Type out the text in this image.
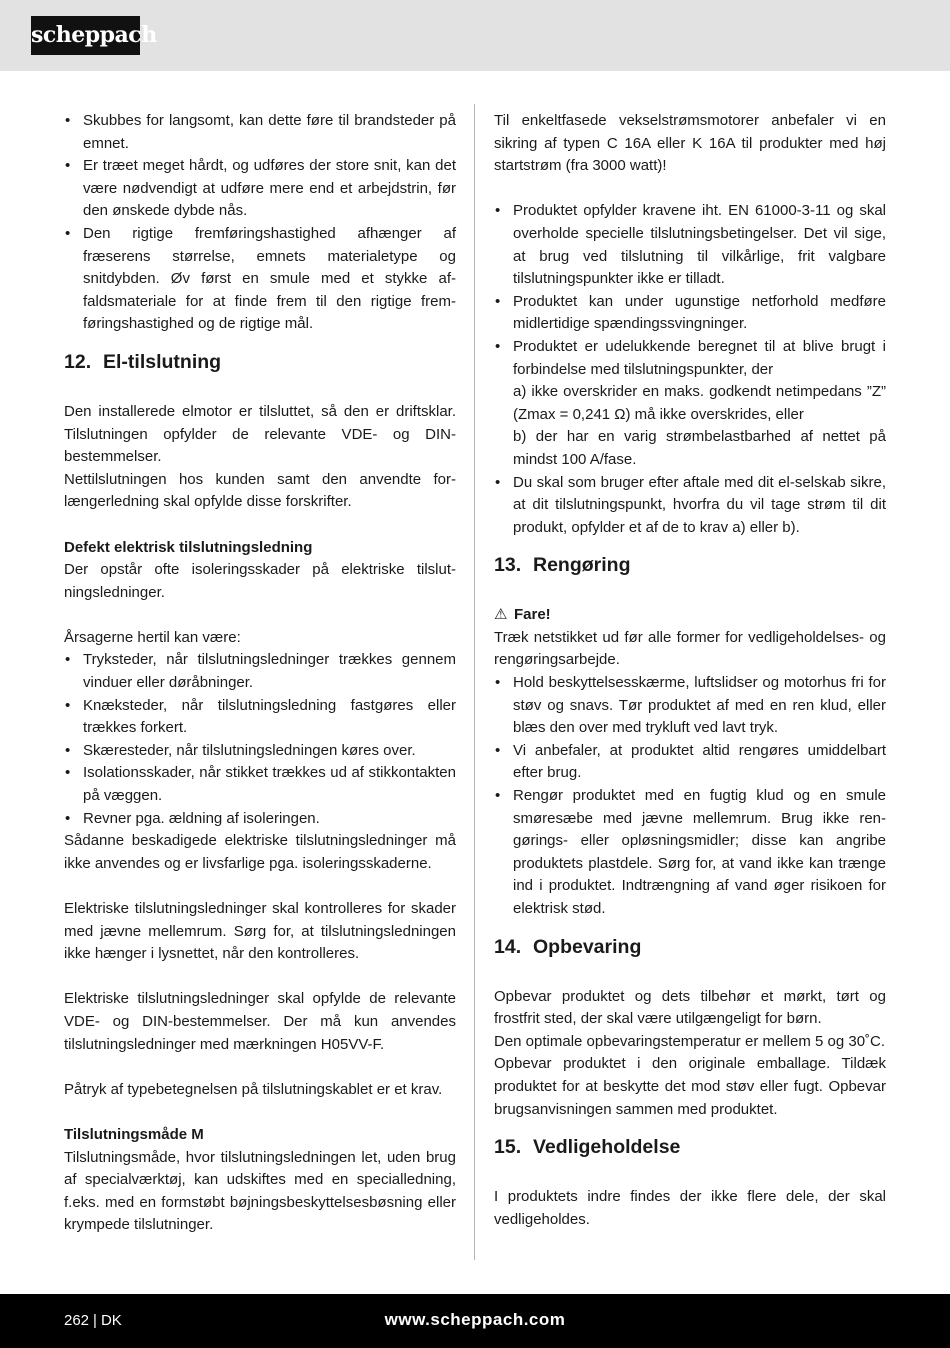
scheppach
• Skubbes for langsomt, kan dette føre til brandsteder på emnet.
• Er træet meget hårdt, og udføres der store snit, kan det være nødvendigt at udføre mere end et arbejdstrin, før den ønskede dybde nås.
• Den rigtige fremføringshastighed afhænger af fræserens størrelse, emnets materialetype og snitdybden. Øv først en smule med et stykke affaldsmateriale for at finde frem til den rigtige fremføringshastighed og de rigtige mål.
12. El-tilslutning

Den installerede elmotor er tilsluttet, så den er driftsklar. Tilslutningen opfylder de relevante VDE- og DIN-bestemmelser.

Nettilslutningen hos kunden samt den anvendte forlængerledning skal opfylde disse forskrifter.

Defekt elektrisk tilslutningsledning

Der opstår ofte isoleringsskader på elektriske tilslutningsledninger.

Årsagerne hertil kan være:

• Tryksteder, når tilslutningsledninger trækkes gennem vinduer eller døråbninger.
• Knæksteder, når tilslutningsledning fastgøres eller trækkes forkert.
• Skæresteder, når tilslutningsledningen køres over.
• Isolationsskader, når stikket trækkes ud af stikkontakten på væggen.
• Revner pga. ældning af isoleringen.

Sådanne beskadigede elektriske tilslutningsledninger må ikke anvendes og er livsfarlige pga. isoleringsskaderne.

Elektriske tilslutningsledninger skal kontrolleres for skader med jævne mellemrum. Sørg for, at tilslutningsledningen ikke hænger i lysnettet, når den kontrolleres.

Elektriske tilslutningsledninger skal opfylde de relevante VDE- og DIN-bestemmelser. Der må kun anvendes tilslutningsledninger med mærkningen H05VV-F.

Påtryk af typebetegnelsen på tilslutningskablet er et krav.

Tilslutningsmåde M

Tilslutningsmåde, hvor tilslutningsledningen let, uden brug af specialværktøj, kan udskiftes med en specialledning, f.eks. med en formstøbt bøjningsbeskyttelsesbøsning eller krympede tilslutninger.

Til enkeltfasede vekselstrømsmotorer anbefaler vi en sikring af typen C 16A eller K 16A til produkter med høj startstrøm (fra 3000 watt)!

• Produktet opfylder kravene iht. EN 61000-3-11 og skal overholde specielle tilslutningsbetingelser. Det vil sige, at brug ved tilslutning til vilkårlige, frit valgbare tilslutningspunkter ikke er tilladt.
• Produktet kan under ugunstige netforhold medføre midlertidige spændingssvingninger.
• Produktet er udelukkende beregnet til at blive brugt i forbindelse med tilslutningspunkter, der
a) ikke overskrider en maks. godkendt netimpedans ”Z” (Zmax = 0,241 Ω) må ikke overskrides, eller
b) der har en varig strømbelastbarhed af nettet på mindst 100 A/fase.
• Du skal som bruger efter aftale med dit el-selskab sikre, at dit tilslutningspunkt, hvorfra du vil tage strøm til dit produkt, opfylder et af de to krav a) eller b).
13. Rengøring

⚠ Fare!

Træk netstikket ud før alle former for vedligeholdelses- og rengøringsarbejde.

• Hold beskyttelsesskærme, luftslidser og motorhus fri for støv og snavs. Tør produktet af med en ren klud, eller blæs den over med trykluft ved lavt tryk.
• Vi anbefaler, at produktet altid rengøres umiddelbart efter brug.
• Rengør produktet med en fugtig klud og en smule smøresæbe med jævne mellemrum. Brug ikke rengørings- eller opløsningsmidler; disse kan angribe produktets plastdele. Sørg for, at vand ikke kan trænge ind i produktet. Indtrængning af vand øger risikoen for elektrisk stød.
14. Opbevaring

Opbevar produktet og dets tilbehør et mørkt, tørt og frostfrit sted, der skal være utilgængeligt for børn.

Den optimale opbevaringstemperatur er mellem 5 og 30˚C.

Opbevar produktet i den originale emballage. Tildæk produktet for at beskytte det mod støv eller fugt. Opbevar brugsanvisningen sammen med produktet.

15. Vedligeholdelse

I produktets indre findes der ikke flere dele, der skal vedligeholdes.

262 | DK	www.scheppach.com
